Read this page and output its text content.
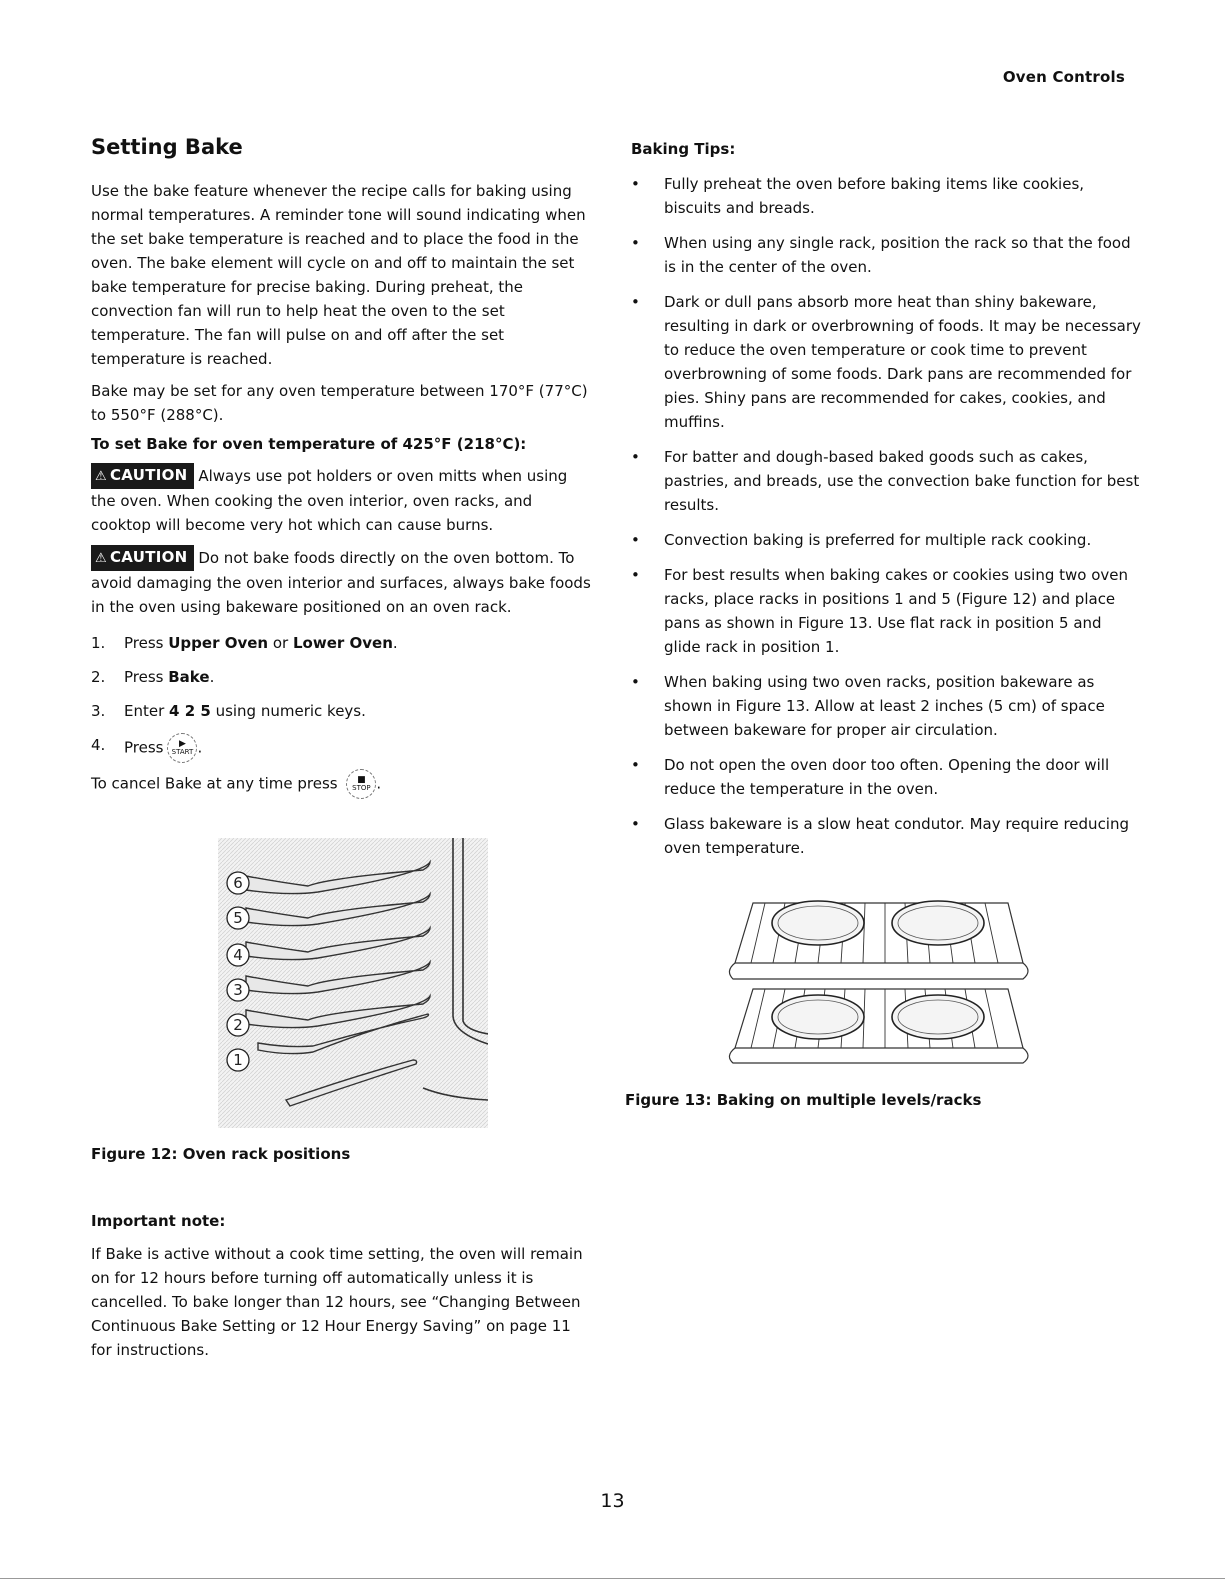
Oven Controls
Setting Bake

Use the bake feature whenever the recipe calls for baking using normal temperatures. A reminder tone will sound indicating when the set bake temperature is reached and to place the food in the oven. The bake element will cycle on and off to maintain the set bake temperature for precise baking. During preheat, the convection fan will run to help heat the oven to the set temperature. The fan will pulse on and off after the set temperature is reached.

Bake may be set for any oven temperature between 170°F (77°C) to 550°F (288°C).

To set Bake for oven temperature of 425°F (218°C):

⚠ CAUTION Always use pot holders or oven mitts when using the oven. When cooking the oven interior, oven racks, and cooktop will become very hot which can cause burns.

⚠ CAUTION Do not bake foods directly on the oven bottom. To avoid damaging the oven interior and surfaces, always bake foods in the oven using bakeware positioned on an oven rack.

1.	Press Upper Oven or Lower Oven.
2.	Press Bake.
3.	Enter 4 2 5 using numeric keys.
4.	Press ▶
START .

To cancel Bake at any time press ■
STOP .

6
5
4
3
2
1
Figure 12: Oven rack positions
Important note:

If Bake is active without a cook time setting, the oven will remain on for 12 hours before turning off automatically unless it is cancelled. To bake longer than 12 hours, see “Changing Between Continuous Bake Setting or 12 Hour Energy Saving” on page 11 for instructions.

Baking Tips:
•	Fully preheat the oven before baking items like cookies, biscuits and breads.
•	When using any single rack, position the rack so that the food is in the center of the oven.
•	Dark or dull pans absorb more heat than shiny bakeware, resulting in dark or overbrowning of foods. It may be necessary to reduce the oven temperature or cook time to prevent overbrowning of some foods. Dark pans are recommended for pies. Shiny pans are recommended for cakes, cookies, and muffins.
•	For batter and dough-based baked goods such as cakes, pastries, and breads, use the convection bake function for best results.
•	Convection baking is preferred for multiple rack cooking.
•	For best results when baking cakes or cookies using two oven racks, place racks in positions 1 and 5 (Figure 12) and place pans as shown in Figure 13. Use flat rack in position 5 and glide rack in position 1.
•	When baking using two oven racks, position bakeware as shown in Figure 13. Allow at least 2 inches (5 cm) of space between bakeware for proper air circulation.
•	Do not open the oven door too often. Opening the door will reduce the temperature in the oven.
•	Glass bakeware is a slow heat condutor. May require reducing oven temperature.
Figure 13: Baking on multiple levels/racks
13
